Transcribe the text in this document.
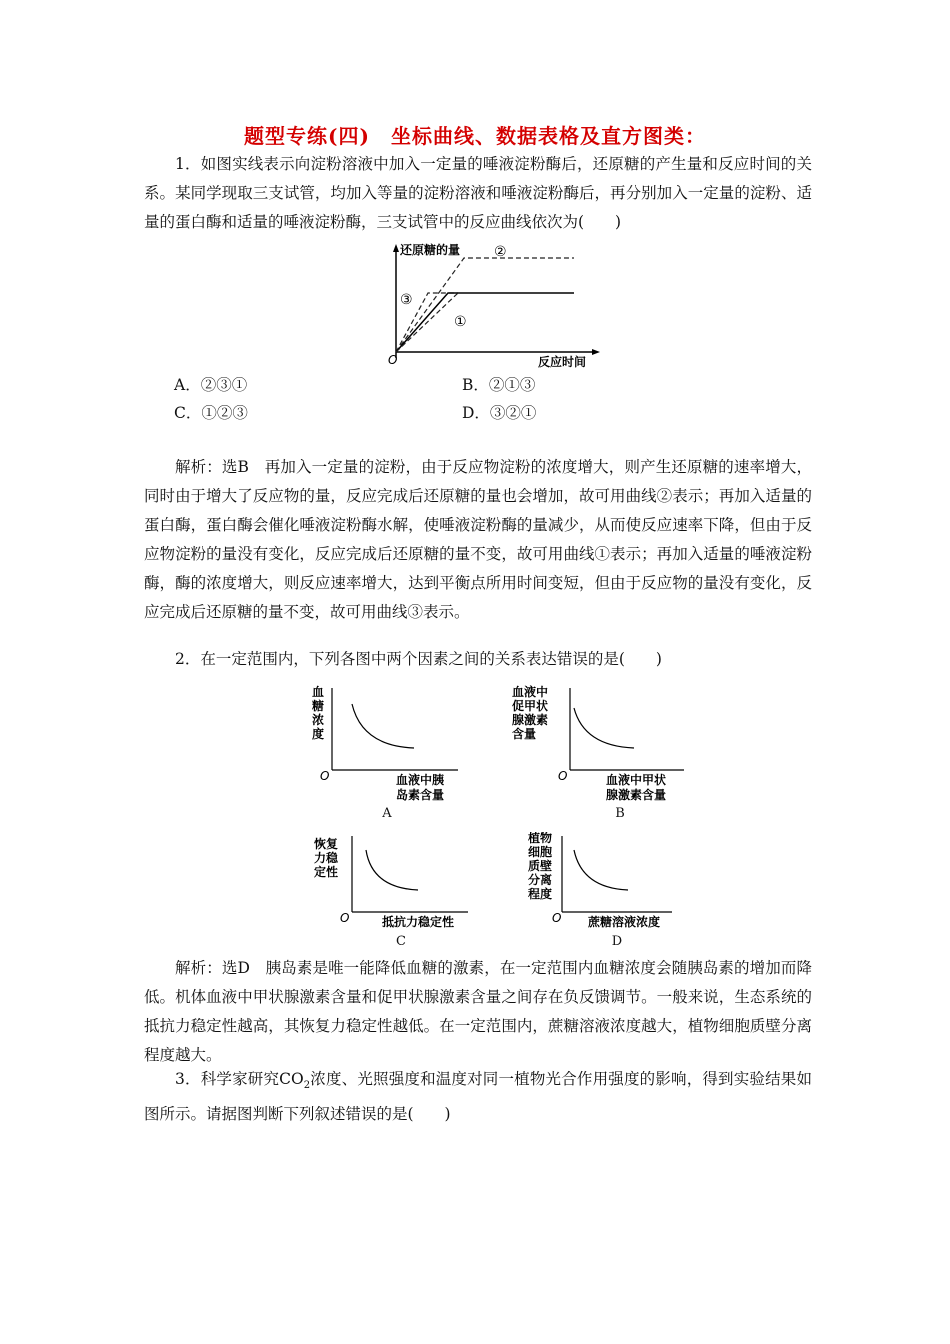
题型专练(四)　坐标曲线、数据表格及直方图类：
1．如图实线表示向淀粉溶液中加入一定量的唾液淀粉酶后，还原糖的产生量和反应时间的关系。某同学现取三支试管，均加入等量的淀粉溶液和唾液淀粉酶后，再分别加入一定量的淀粉、适量的蛋白酶和适量的唾液淀粉酶，三支试管中的反应曲线依次为(　　)
还原糖的量
反应时间
O
②
③
①
A．②③①	B．②①③
C．①②③	D．③②①
解析：选B　再加入一定量的淀粉，由于反应物淀粉的浓度增大，则产生还原糖的速率增大，同时由于增大了反应物的量，反应完成后还原糖的量也会增加，故可用曲线②表示；再加入适量的蛋白酶，蛋白酶会催化唾液淀粉酶水解，使唾液淀粉酶的量减少，从而使反应速率下降，但由于反应物淀粉的量没有变化，反应完成后还原糖的量不变，故可用曲线①表示；再加入适量的唾液淀粉酶，酶的浓度增大，则反应速率增大，达到平衡点所用时间变短，但由于反应物的量没有变化，反应完成后还原糖的量不变，故可用曲线③表示。
2．在一定范围内，下列各图中两个因素之间的关系表达错误的是(　　)
血
糖
浓
度
O	血液中胰
岛素含量
A
血液中
促甲状
腺激素
含量
O	血液中甲状
腺激素含量
B
恢复
力稳
定性
O	抵抗力稳定性
C
植物
细胞
质壁
分离
程度
O 蔗糖溶液浓度
D
解析：选D　胰岛素是唯一能降低血糖的激素，在一定范围内血糖浓度会随胰岛素的增加而降低。机体血液中甲状腺激素含量和促甲状腺激素含量之间存在负反馈调节。一般来说，生态系统的抵抗力稳定性越高，其恢复力稳定性越低。在一定范围内，蔗糖溶液浓度越大，植物细胞质壁分离程度越大。
3．科学家研究$CO_2$浓度、光照强度和温度对同一植物光合作用强度的影响，得到实验结果如图所示。请据图判断下列叙述错误的是(　　)
